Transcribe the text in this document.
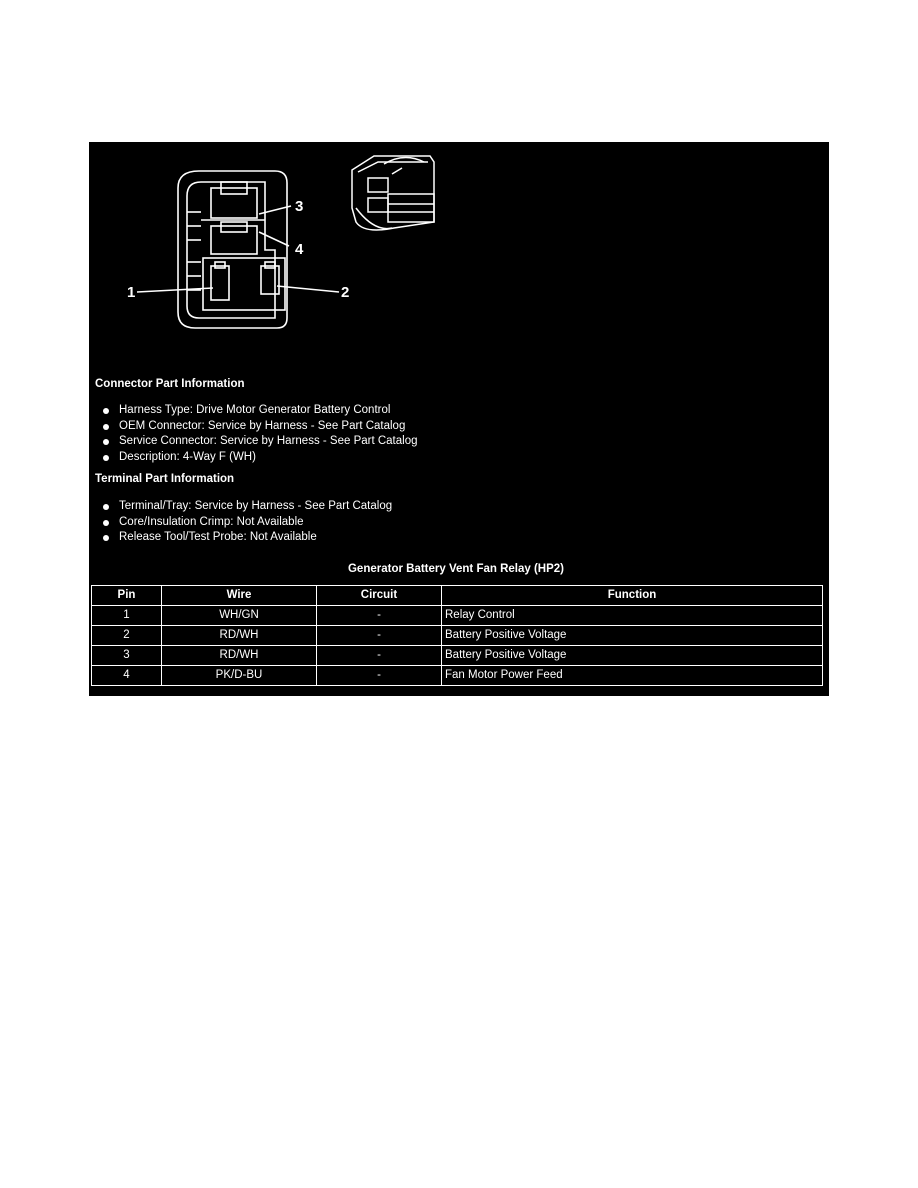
1	2
3
4
Connector Part Information
Harness Type: Drive Motor Generator Battery Control
OEM Connector: Service by Harness - See Part Catalog
Service Connector: Service by Harness - See Part Catalog
Description: 4-Way F (WH)
Terminal Part Information
Terminal/Tray: Service by Harness - See Part Catalog
Core/Insulation Crimp: Not Available
Release Tool/Test Probe: Not Available
Generator Battery Vent Fan Relay (HP2)
Pin	Wire	Circuit	Function
1	WH/GN	-	Relay Control
2	RD/WH	-	Battery Positive Voltage
3	RD/WH	-	Battery Positive Voltage
4	PK/D-BU	-	Fan Motor Power Feed
